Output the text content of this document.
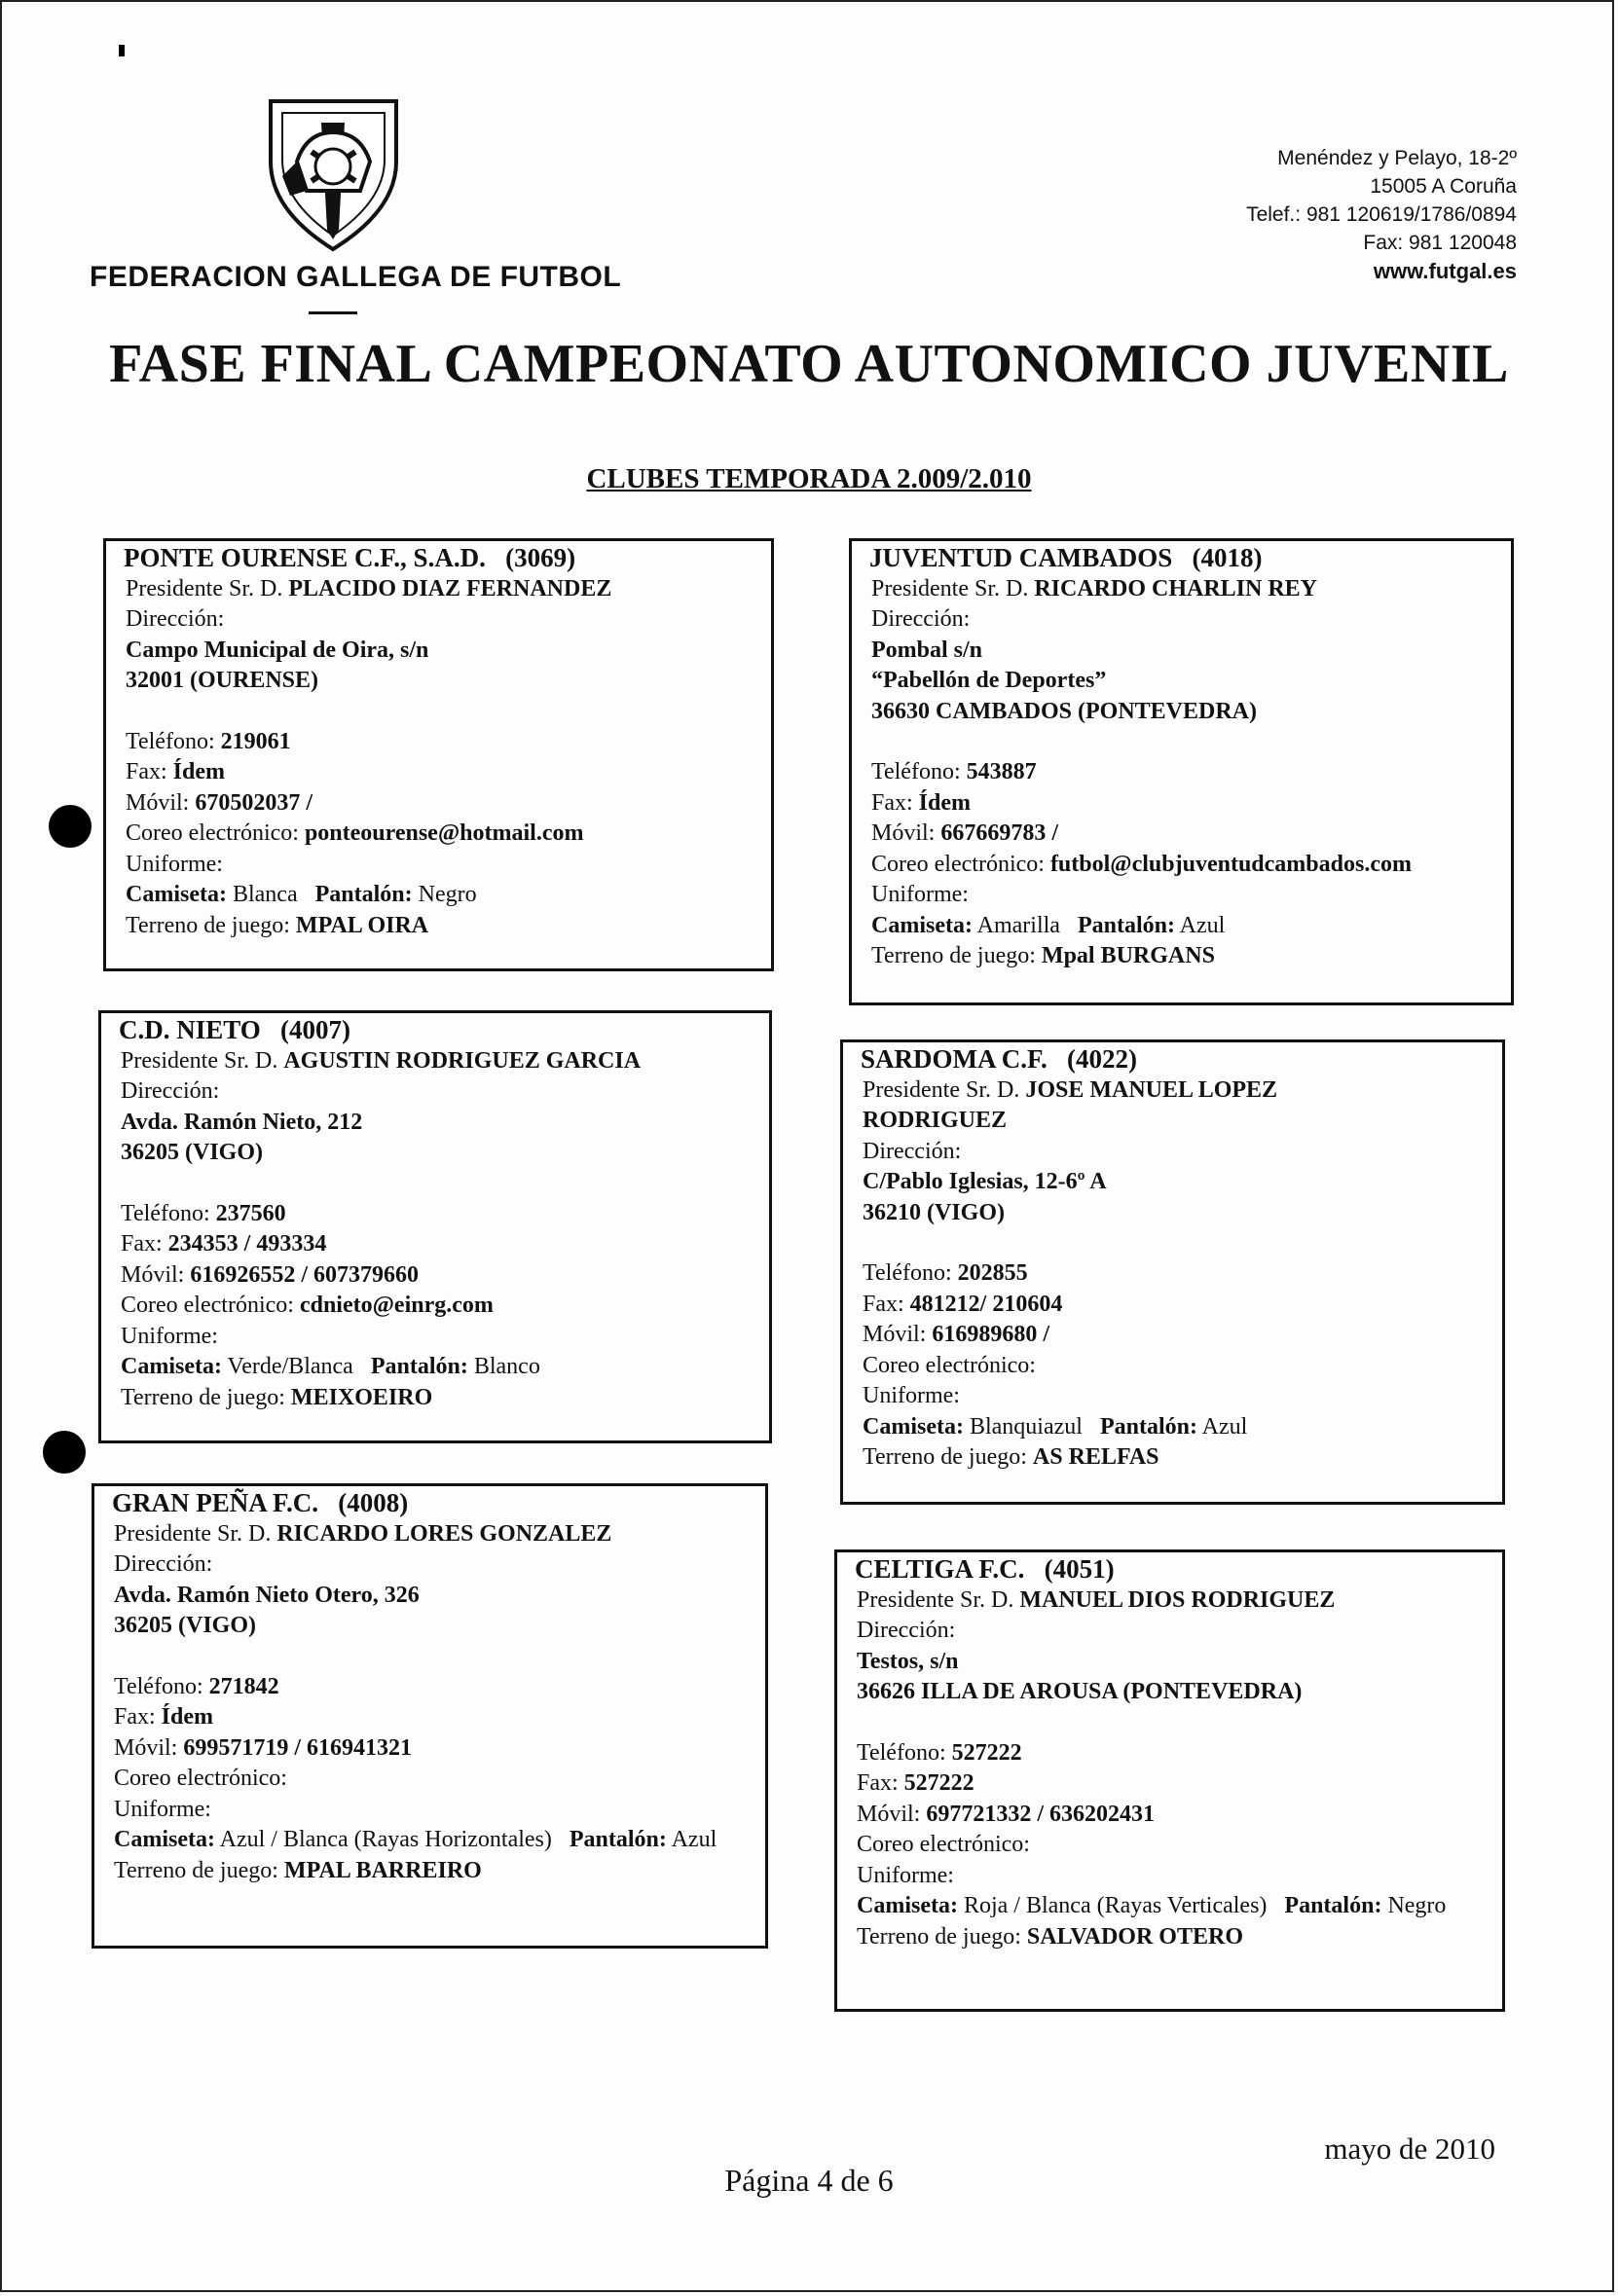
FEDERACION GALLEGA DE FUTBOL
Menéndez y Pelayo, 18-2º
15005 A Coruña
Telef.: 981 120619/1786/0894
Fax: 981 120048
www.futgal.es
FASE FINAL CAMPEONATO AUTONOMICO JUVENIL
CLUBES TEMPORADA 2.009/2.010
PONTE OURENSE C.F., S.A.D. (3069)
Presidente Sr. D. PLACIDO DIAZ FERNANDEZ
Dirección:
Campo Municipal de Oira, s/n
32001 (OURENSE)
Teléfono: 219061
Fax: Ídem
Móvil: 670502037 /
Coreo electrónico: ponteourense@hotmail.com
Uniforme:
Camiseta: Blanca Pantalón: Negro
Terreno de juego: MPAL OIRA
JUVENTUD CAMBADOS (4018)
Presidente Sr. D. RICARDO CHARLIN REY
Dirección:
Pombal s/n
“Pabellón de Deportes”
36630 CAMBADOS (PONTEVEDRA)
Teléfono: 543887
Fax: Ídem
Móvil: 667669783 /
Coreo electrónico: futbol@clubjuventudcambados.com
Uniforme:
Camiseta: Amarilla Pantalón: Azul
Terreno de juego: Mpal BURGANS
C.D. NIETO (4007)
Presidente Sr. D. AGUSTIN RODRIGUEZ GARCIA
Dirección:
Avda. Ramón Nieto, 212
36205 (VIGO)
Teléfono: 237560
Fax: 234353 / 493334
Móvil: 616926552 / 607379660
Coreo electrónico: cdnieto@einrg.com
Uniforme:
Camiseta: Verde/Blanca Pantalón: Blanco
Terreno de juego: MEIXOEIRO
SARDOMA C.F. (4022)
Presidente Sr. D. JOSE MANUEL LOPEZ RODRIGUEZ
Dirección:
C/Pablo Iglesias, 12-6º A
36210 (VIGO)
Teléfono: 202855
Fax: 481212/ 210604
Móvil: 616989680 /
Coreo electrónico:
Uniforme:
Camiseta: Blanquiazul Pantalón: Azul
Terreno de juego: AS RELFAS
GRAN PEÑA F.C. (4008)
Presidente Sr. D. RICARDO LORES GONZALEZ
Dirección:
Avda. Ramón Nieto Otero, 326
36205 (VIGO)
Teléfono: 271842
Fax: Ídem
Móvil: 699571719 / 616941321
Coreo electrónico:
Uniforme:
Camiseta: Azul / Blanca (Rayas Horizontales) Pantalón: Azul
Terreno de juego: MPAL BARREIRO
CELTIGA F.C. (4051)
Presidente Sr. D. MANUEL DIOS RODRIGUEZ
Dirección:
Testos, s/n
36626 ILLA DE AROUSA (PONTEVEDRA)
Teléfono: 527222
Fax: 527222
Móvil: 697721332 / 636202431
Coreo electrónico:
Uniforme:
Camiseta: Roja / Blanca (Rayas Verticales) Pantalón: Negro
Terreno de juego: SALVADOR OTERO
Página 4 de 6
mayo de 2010
